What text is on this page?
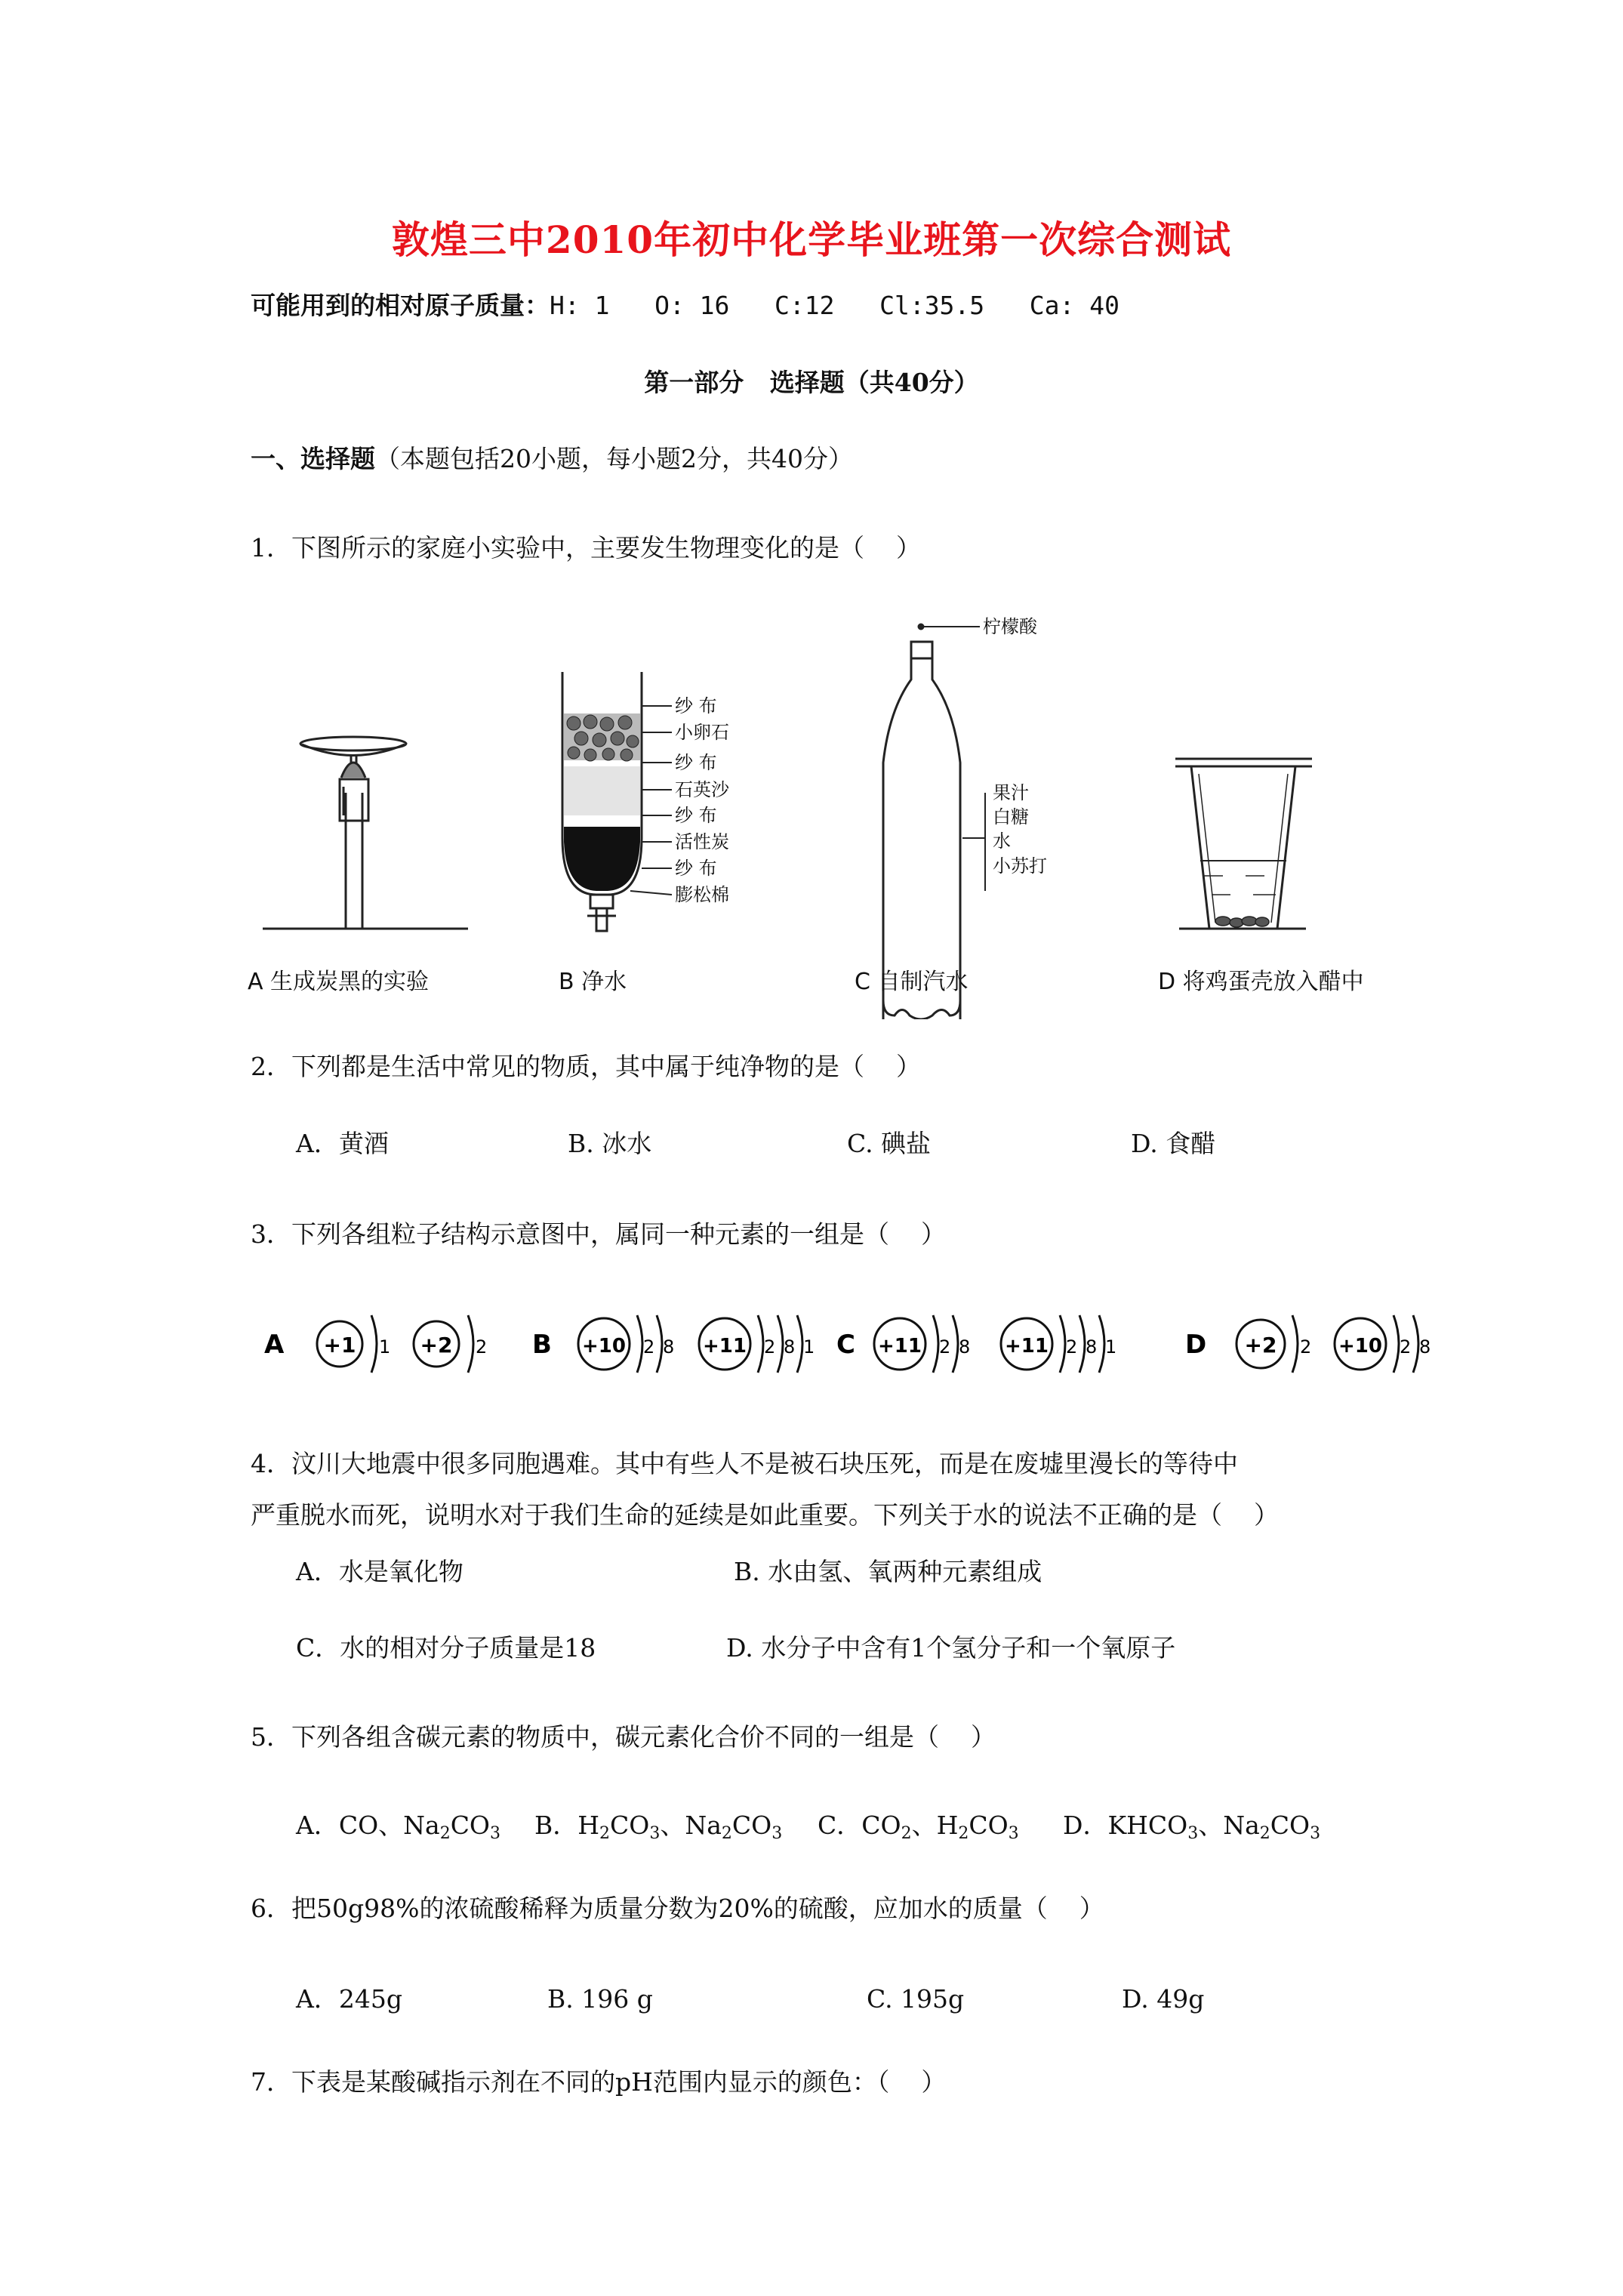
敦煌三中2010年初中化学毕业班第一次综合测试
可能用到的相对原子质量：H: 1   O: 16   C:12   Cl:35.5   Ca: 40
第一部分   选择题（共40分）
一、选择题（本题包括20小题，每小题2分，共40分）
1．下图所示的家庭小实验中，主要发生物理变化的是（    ）
A 生成炭黑的实验
纱 布
小卵石
纱 布
石英沙
纱 布
活性炭
纱 布
膨松棉
B 净水
柠檬酸
果汁
白糖
水
小苏打
C 自制汽水	D 将鸡蛋壳放入醋中
2．下列都是生活中常见的物质，其中属于纯净物的是（    ）
A．黄酒	B. 冰水	C. 碘盐	D. 食醋
3．下列各组粒子结构示意图中，属同一种元素的一组是（    ）
A +1 1 +2 2 B +10 2 8 +11 2 8 1 C +11 2 8 +11 2 8 1	D +2 2 +10 2 8
4．汶川大地震中很多同胞遇难。其中有些人不是被石块压死，而是在废墟里漫长的等待中
严重脱水而死，说明水对于我们生命的延续是如此重要。下列关于水的说法不正确的是（    ）
A．水是氧化物	B. 水由氢、氧两种元素组成
C．水的相对分子质量是18	D. 水分子中含有1个氢分子和一个氧原子
5．下列各组含碳元素的物质中，碳元素化合价不同的一组是（    ）
A．CO、$Na_2CO_3$ B．$H_2CO_3$、$Na_2CO_3$ C．$CO_2$、$H_2CO_3$ D．$KHCO_3$、$Na_2CO_3$
6．把50g98%的浓硫酸稀释为质量分数为20%的硫酸，应加水的质量（    ）
A．245g	B. 196 g	C. 195g	D. 49g
7．下表是某酸碱指示剂在不同的pH范围内显示的颜色：（    ）
